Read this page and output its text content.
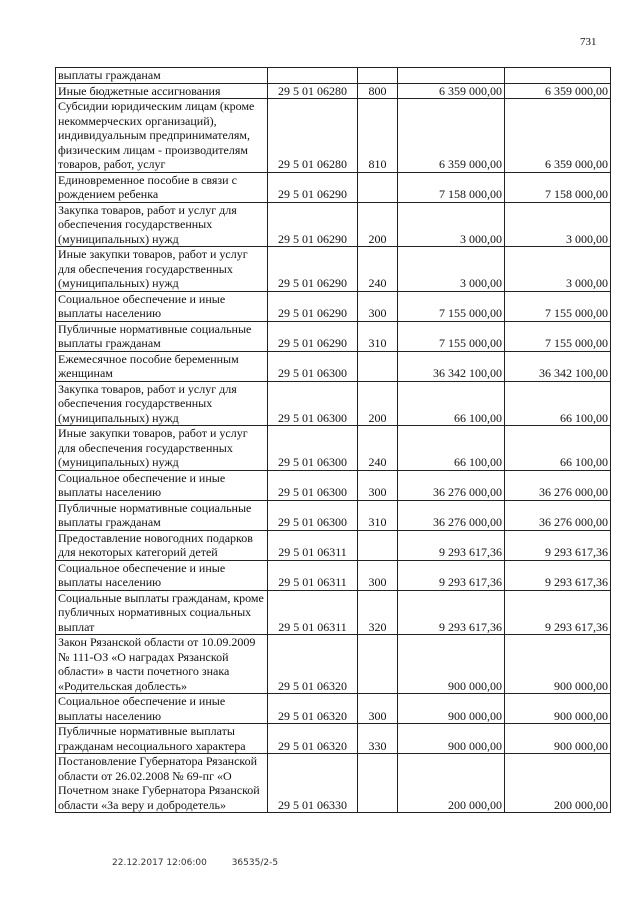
731
выплаты гражданам				
Иные бюджетные ассигнования	29 5 01 06280	800	6 359 000,00	6 359 000,00
Субсидии юридическим лицам (кроме некоммерческих организаций), индивидуальным предпринимателям, физическим лицам - производителям товаров, работ, услуг	29 5 01 06280	810	6 359 000,00	6 359 000,00
Единовременное пособие в связи с рождением ребенка	29 5 01 06290		7 158 000,00	7 158 000,00
Закупка товаров, работ и услуг для обеспечения государственных (муниципальных) нужд	29 5 01 06290	200	3 000,00	3 000,00
Иные закупки товаров, работ и услуг для обеспечения государственных (муниципальных) нужд	29 5 01 06290	240	3 000,00	3 000,00
Социальное обеспечение и иные выплаты населению	29 5 01 06290	300	7 155 000,00	7 155 000,00
Публичные нормативные социальные выплаты гражданам	29 5 01 06290	310	7 155 000,00	7 155 000,00
Ежемесячное пособие беременным женщинам	29 5 01 06300		36 342 100,00	36 342 100,00
Закупка товаров, работ и услуг для обеспечения государственных (муниципальных) нужд	29 5 01 06300	200	66 100,00	66 100,00
Иные закупки товаров, работ и услуг для обеспечения государственных (муниципальных) нужд	29 5 01 06300	240	66 100,00	66 100,00
Социальное обеспечение и иные выплаты населению	29 5 01 06300	300	36 276 000,00	36 276 000,00
Публичные нормативные социальные выплаты гражданам	29 5 01 06300	310	36 276 000,00	36 276 000,00
Предоставление новогодних подарков для некоторых категорий детей	29 5 01 06311		9 293 617,36	9 293 617,36
Социальное обеспечение и иные выплаты населению	29 5 01 06311	300	9 293 617,36	9 293 617,36
Социальные выплаты гражданам, кроме публичных нормативных социальных выплат	29 5 01 06311	320	9 293 617,36	9 293 617,36
Закон Рязанской области от 10.09.2009 № 111-ОЗ «О наградах Рязанской области» в части почетного знака «Родительская доблесть»	29 5 01 06320		900 000,00	900 000,00
Социальное обеспечение и иные выплаты населению	29 5 01 06320	300	900 000,00	900 000,00
Публичные нормативные выплаты гражданам несоциального характера	29 5 01 06320	330	900 000,00	900 000,00
Постановление Губернатора Рязанской области от 26.02.2008 № 69-пг «О Почетном знаке Губернатора Рязанской области «За веру и добродетель»	29 5 01 06330		200 000,00	200 000,00
22.12.2017 12:06:00	36535/2-5
